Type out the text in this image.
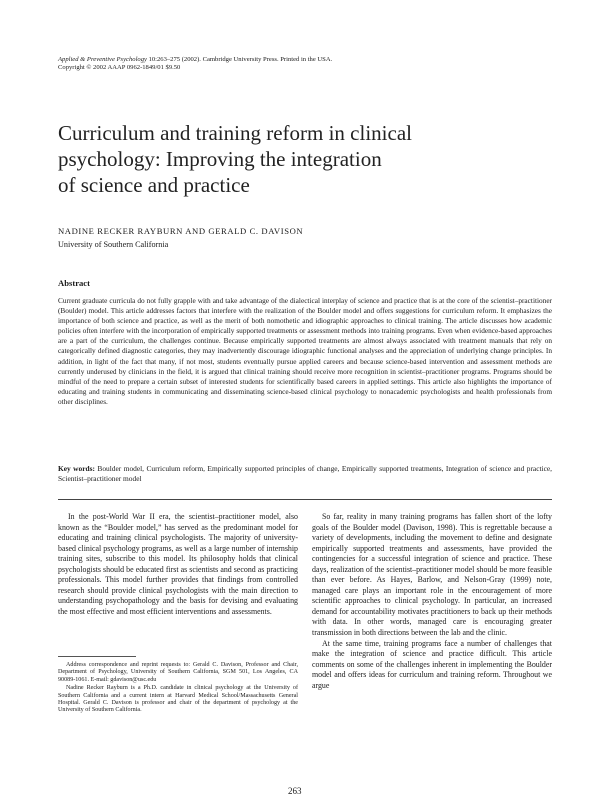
Applied & Preventive Psychology 10:263–275 (2002). Cambridge University Press. Printed in the USA.
Copyright © 2002 AAAP 0962-1849/01 $9.50
Curriculum and training reform in clinical
psychology: Improving the integration
of science and practice
NADINE RECKER RAYBURN AND GERALD C. DAVISON
University of Southern California
Abstract
Current graduate curricula do not fully grapple with and take advantage of the dialectical interplay of science and practice that is at the core of the scientist–practitioner (Boulder) model. This article addresses factors that interfere with the realization of the Boulder model and offers suggestions for curriculum reform. It emphasizes the importance of both science and practice, as well as the merit of both nomothetic and idiographic approaches to clinical training. The article discusses how academic policies often interfere with the incorporation of empirically supported treatments or assessment methods into training programs. Even when evidence-based approaches are a part of the curriculum, the challenges continue. Because empirically supported treatments are almost always associated with treatment manuals that rely on categorically defined diagnostic categories, they may inadvertently discourage idiographic functional analyses and the appreciation of underlying change principles. In addition, in light of the fact that many, if not most, students eventually pursue applied careers and because science-based intervention and assessment methods are currently underused by clinicians in the field, it is argued that clinical training should receive more recognition in scientist–practitioner programs. Programs should be mindful of the need to prepare a certain subset of interested students for scientifically based careers in applied settings. This article also highlights the importance of educating and training students in communicating and disseminating science-based clinical psychology to nonacademic psychologists and health professionals from other disciplines.
Key words: Boulder model, Curriculum reform, Empirically supported principles of change, Empirically supported treatments, Integration of science and practice, Scientist–practitioner model

In the post-World War II era, the scientist–practitioner model, also known as the “Boulder model,” has served as the predominant model for educating and training clinical psychologists. The majority of university-based clinical psychology programs, as well as a large number of internship training sites, subscribe to this model. Its philosophy holds that clinical psychologists should be educated first as scientists and second as practicing professionals. This model further provides that findings from controlled research should provide clinical psychologists with the main direction to understanding psychopathology and the basis for devising and evaluating the most effective and most efficient interventions and assessments.

Address correspondence and reprint requests to: Gerald C. Davison, Professor and Chair, Department of Psychology, University of Southern California, SGM 501, Los Angeles, CA 90089-1061. E-mail: gdavison@usc.edu

Nadine Recker Rayburn is a Ph.D. candidate in clinical psychology at the University of Southern California and a current intern at Harvard Medical School/Massachusetts General Hospital. Gerald C. Davison is professor and chair of the department of psychology at the University of Southern California.

So far, reality in many training programs has fallen short of the lofty goals of the Boulder model (Davison, 1998). This is regrettable because a variety of developments, including the movement to define and designate empirically supported treatments and assessments, have provided the contingencies for a successful integration of science and practice. These days, realization of the scientist–practitioner model should be more feasible than ever before. As Hayes, Barlow, and Nelson-Gray (1999) note, managed care plays an important role in the encouragement of more scientific approaches to clinical psychology. In particular, an increased demand for accountability motivates practitioners to back up their methods with data. In other words, managed care is encouraging greater transmission in both directions between the lab and the clinic.

At the same time, training programs face a number of challenges that make the integration of science and practice difficult. This article comments on some of the challenges inherent in implementing the Boulder model and offers ideas for curriculum and training reform. Throughout we argue

263
